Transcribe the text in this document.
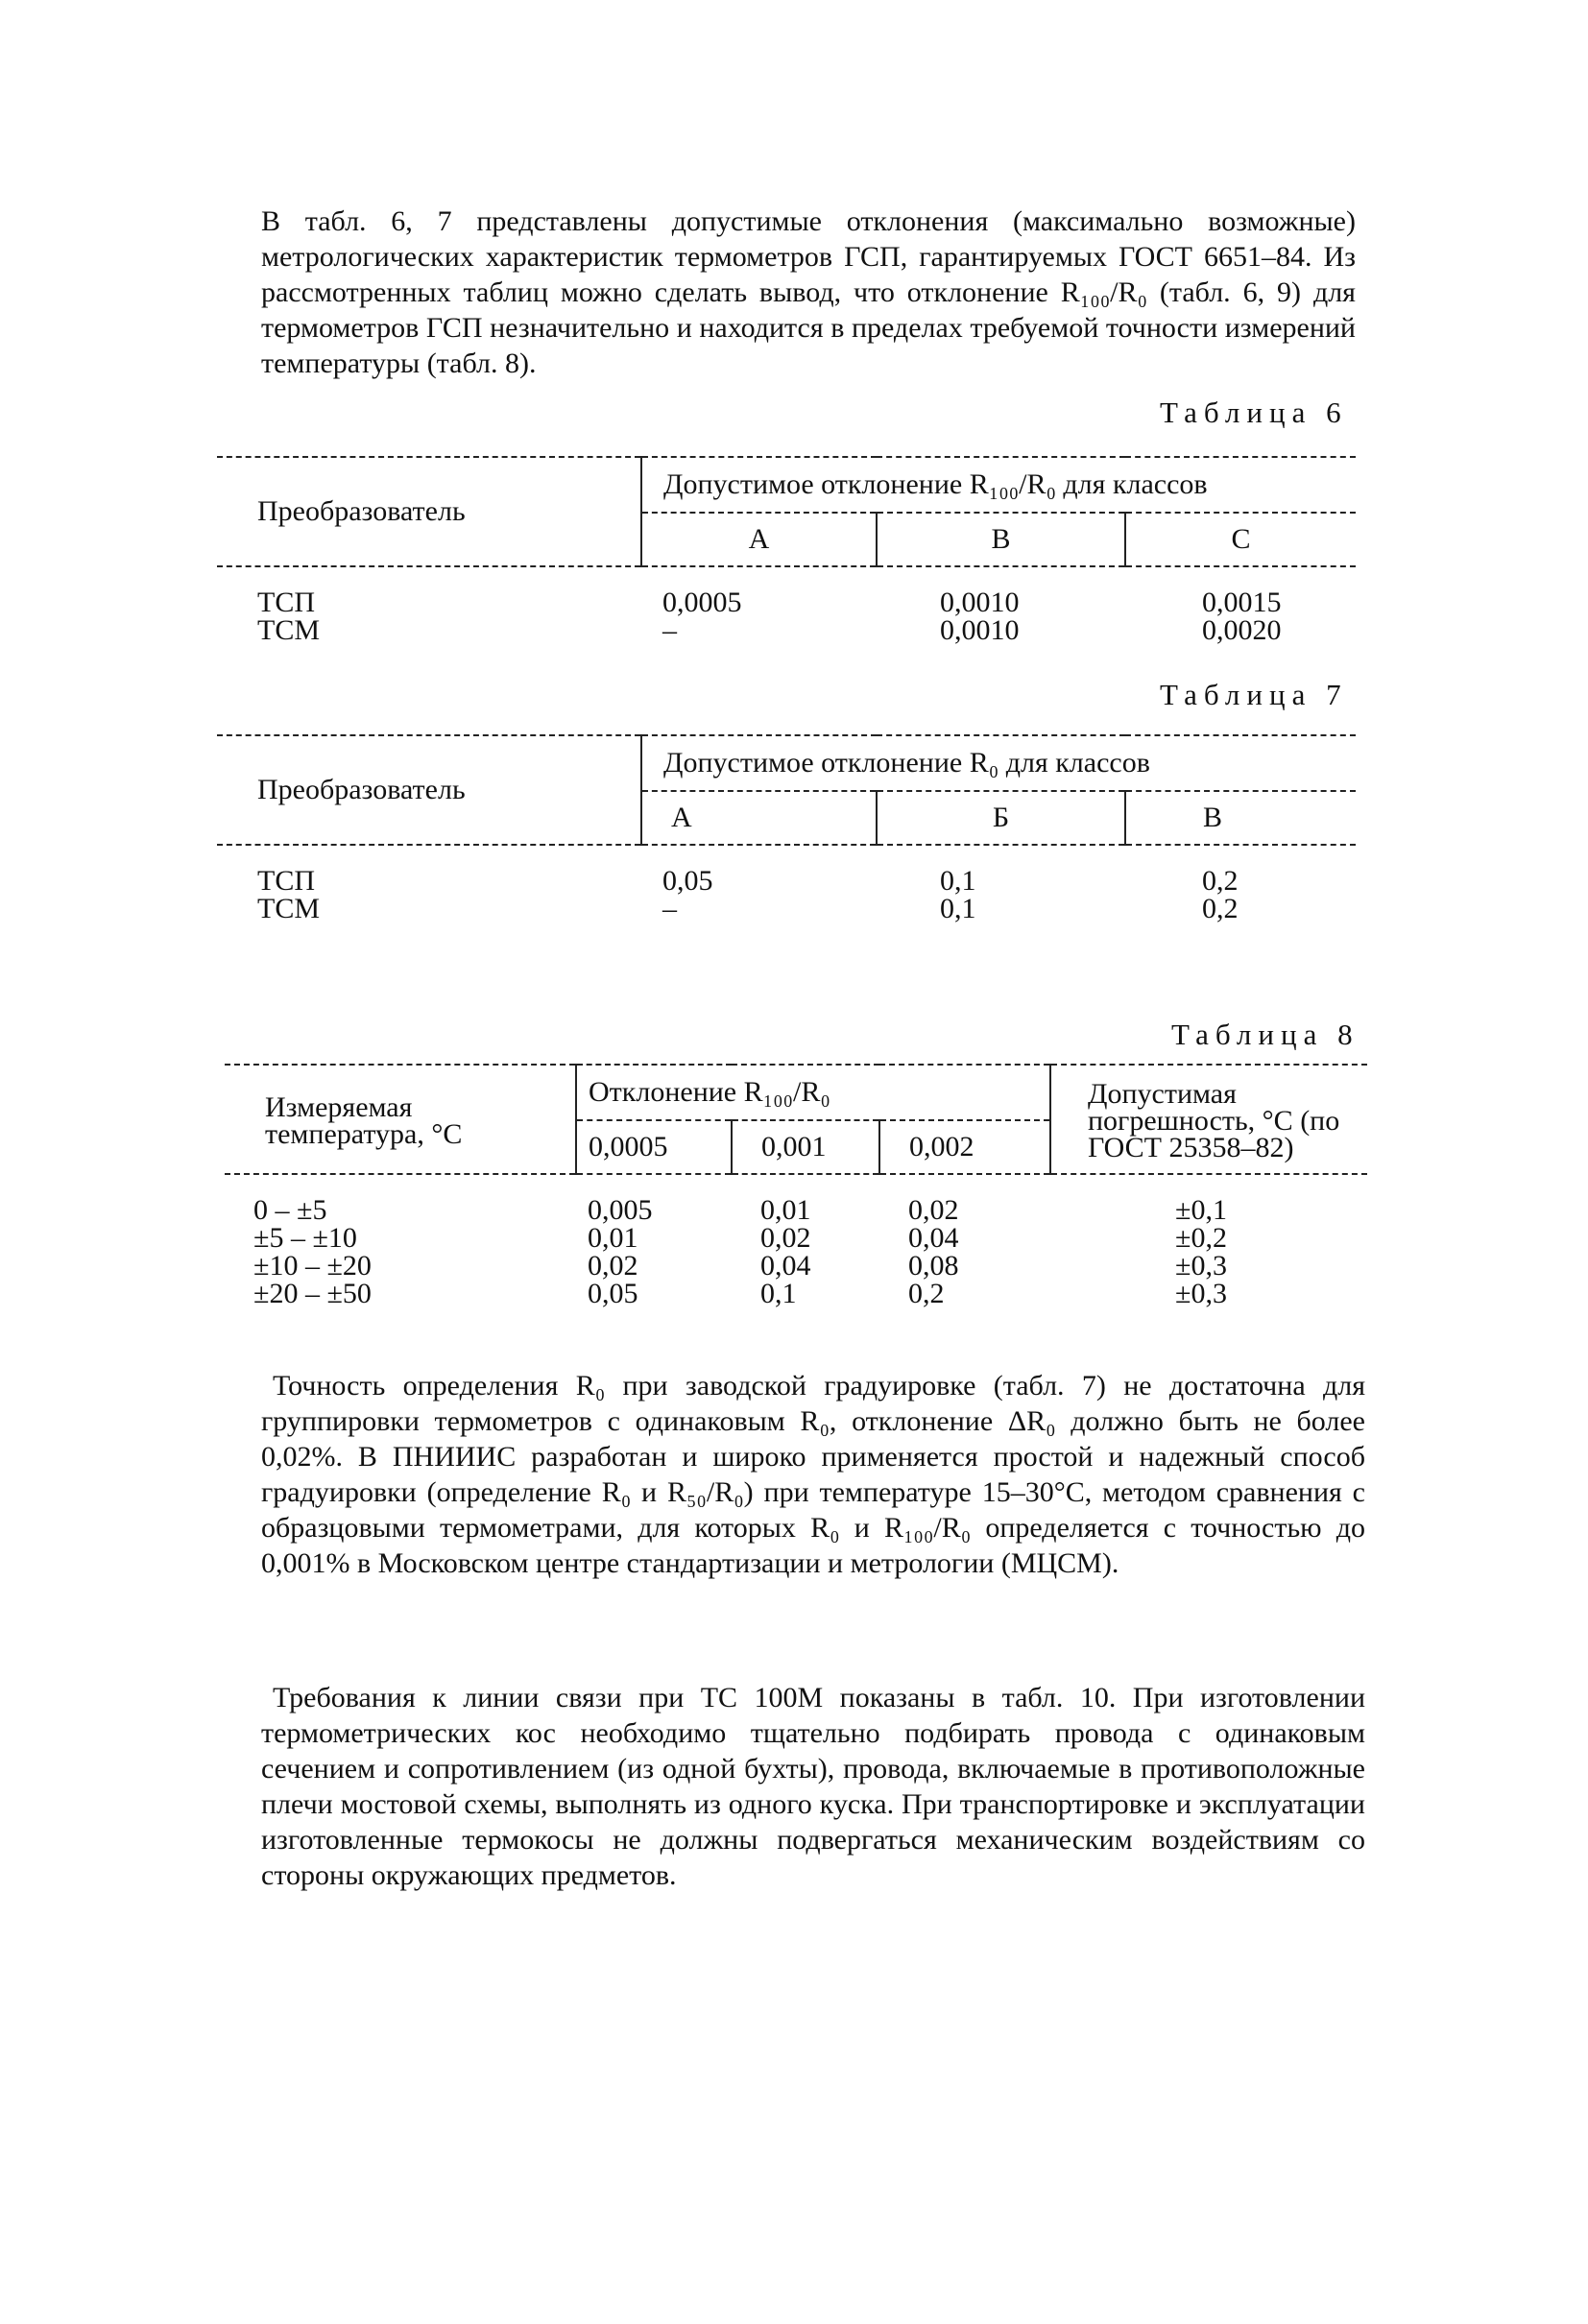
В табл. 6, 7 представлены допустимые отклонения (максимально возможные) метрологических характеристик термометров ГСП, гарантируемых ГОСТ 6651–84. Из рассмотренных таблиц можно сделать вывод, что отклонение R₁₀₀/R₀ (табл. 6, 9) для термометров ГСП незначительно и находится в пределах требуемой точности измерений температуры (табл. 8).

Таблица 6

Преобразователь	Допустимое отклонение R₁₀₀/R₀ для классов		
	А	В	С

ТСП	0,0005	0,0010	0,0015
ТСМ	–	0,0010	0,0020

Таблица 7

Преобразователь	Допустимое отклонение R₀ для классов		
	А	Б	В

ТСП	0,05	0,1	0,2
ТСМ	–	0,1	0,2

Таблица 8

Измеряемая температура, °С	Отклонение R₁₀₀/R₀			Допустимая погрешность, °С (по ГОСТ 25358–82)
	0,0005	0,001	0,002	

0 – ±5	0,005	0,01	0,02	±0,1
±5 – ±10	0,01	0,02	0,04	±0,2
±10 – ±20	0,02	0,04	0,08	±0,3
±20 – ±50	0,05	0,1	0,2	±0,3

Точность определения R₀ при заводской градуировке (табл. 7) не достаточна для группировки термометров с одинаковым R₀, отклонение ΔR₀ должно быть не более 0,02%. В ПНИИИС разработан и широко применяется простой и надежный способ градуировки (определение R₀ и R₅₀/R₀) при температуре 15–30°С, методом сравнения с образцовыми термометрами, для которых R₀ и R₁₀₀/R₀ определяется с точностью до 0,001% в Московском центре стандартизации и метрологии (МЦСМ).

Требования к линии связи при ТС 100М показаны в табл. 10. При изготовлении термометрических кос необходимо тщательно подбирать провода с одинаковым сечением и сопротивлением (из одной бухты), провода, включаемые в противоположные плечи мостовой схемы, выполнять из одного куска. При транспортировке и эксплуатации изготовленные термокосы не должны подвергаться механическим воздействиям со стороны окружающих предметов.
